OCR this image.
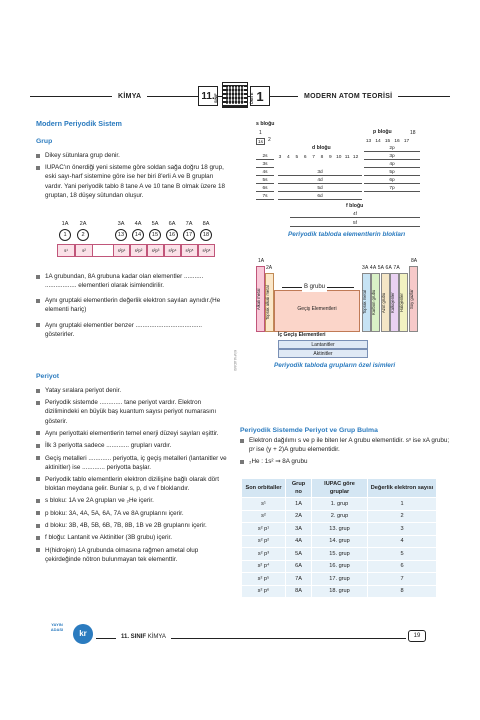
KİMYA	11. SINIF	1
ÜNİTE	MODERN ATOM TEORİSİ
Modern Periyodik Sistem
Grup
Dikey sütunlara grup denir.
IUPAC'ın önerdiği yeni sisteme göre soldan sağa doğru 18 grup, eski sayı-harf sistemine göre ise her biri 8'erli A ve B grupları vardır. Yani periyodik tablo 8 tane A ve 10 tane B olmak üzere 18 gruptan, 18 düşey sütundan oluşur.
1A	2A	3A	4A	5A	6A	7A	8A
1	2	13	14	15	16	17	18
s¹	s²	s²p¹	s²p²	s²p³	s²p⁴	s²p⁵	s²p⁶
1A grubundan, 8A grubuna kadar olan elementler ........... .................. elementleri olarak isimlendirilir.
Aynı gruptaki elementlerin değerlik elektron sayıları aynıdır.(He elementi hariç)
Aynı gruptaki elementler benzer ...................................... gösterirler.
Periyot
Yatay sıralara periyot denir.
Periyodik sistemde ............. tane periyot vardır. Elektron dizilimindeki en büyük baş kuantum sayısı periyot numarasını gösterir.
Aynı periyottaki elementlerin temel enerji düzeyi sayıları eşittir.
İlk 3 periyotta sadece ............. grupları vardır.
Geçiş metalleri ............. periyotta, iç geçiş metalleri (lantanitler ve aktinitler) ise ............. periyotta başlar.
Periyodik tablo elementlerin elektron dizilişine bağlı olarak dört bloktan meydana gelir. Bunlar s, p, d ve f bloklarıdır.
s bloku: 1A ve 2A grupları ve ₂He içerir.
p bloku: 3A, 4A, 5A, 6A, 7A ve 8A gruplarını içerir.
d bloku: 3B, 4B, 5B, 6B, 7B, 8B, 1B ve 2B gruplarını içerir.
f bloğu: Lantanit ve Aktinitler (3B grubu) içerir.
H(hidrojen) 1A grubunda olmasına rağmen ametal olup çekirdeğinde nötron bulunmayan tek elementtir.
KİMYA ADASI
s bloğu
1
2
p bloğu	18
d bloğu
1s
2s
3s
4s
5s
6s
7s
3	4	5	6	7	8	9 10 11 12
13 14 15 16 17
3d
4d
5d
6d
2p
3p
4p
5p
6p
7p
f bloğu
4f
5f
Periyodik tabloda elementlerin blokları
1A
2A
8A
3A 4A 5A 6A 7A
Alkali metal Toprak alkali metal	Geçiş Elementleri
B grubu
Toprak metal	Karbon grubu	Azot grubu	Kalkojenler	Halojenler	Soy gazlar
İç Geçiş Elementleri
Lantanitler
Aktinitler
Periyodik tabloda grupların özel isimleri
Periyodik Sistemde Periyot ve Grup Bulma
Elektron dağılımı s ve p ile biten ler A grubu elementidir. sˣ ise xA grubu; pʸ ise (y + 2)A grubu elementidir.
₂He : 1s² ⇒ 8A grubu
Son orbitaller	Grup no	IUPAC göre gruplar	Değerlik elektron sayısı
s¹	1A	1. grup	1
s²	2A	2. grup	2
s² p¹	3A	13. grup	3
s² p²	4A	14. grup	4
s² p³	5A	15. grup	5
s² p⁴	6A	16. grup	6
s² p⁵	7A	17. grup	7
s² p⁶	8A	18. grup	8
YAYIN ADASI	kr	11. SINIF KİMYA	19
